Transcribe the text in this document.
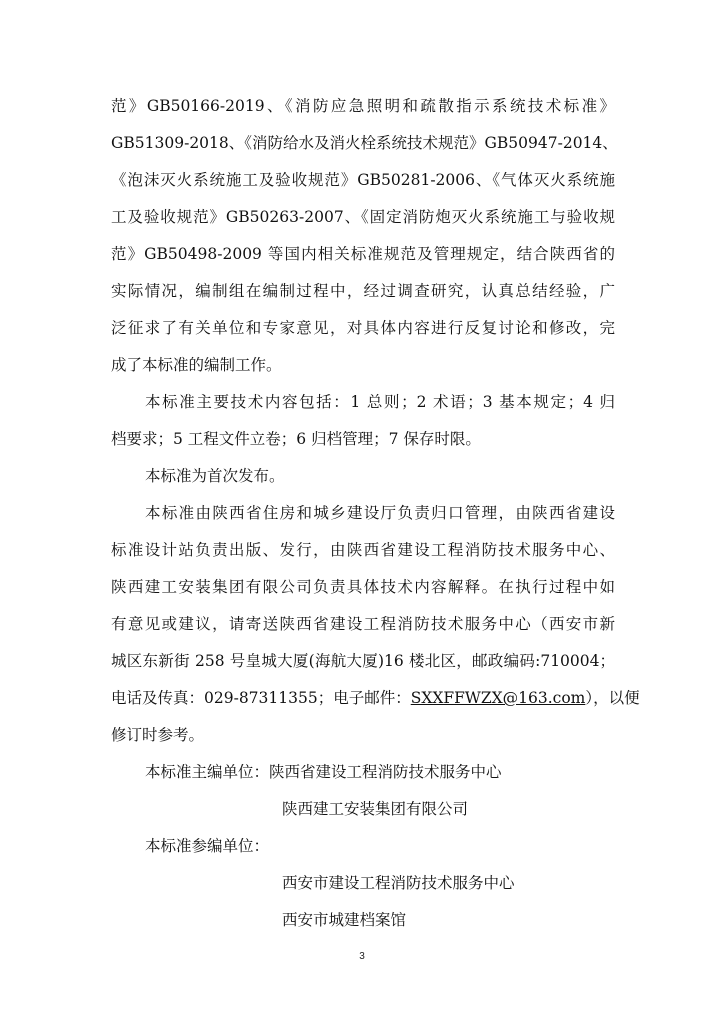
范》GB50166-2019、《消防应急照明和疏散指示系统技术标准》
GB51309-2018、《消防给水及消火栓系统技术规范》GB50947-2014、
《泡沫灭火系统施工及验收规范》GB50281-2006、《气体灭火系统施
工及验收规范》GB50263-2007、《固定消防炮灭火系统施工与验收规
范》GB50498-2009 等国内相关标准规范及管理规定，结合陕西省的
实际情况，编制组在编制过程中，经过调查研究，认真总结经验，广
泛征求了有关单位和专家意见，对具体内容进行反复讨论和修改，完
成了本标准的编制工作。
本标准主要技术内容包括：1 总则；2 术语；3 基本规定；4 归
档要求；5 工程文件立卷；6 归档管理；7 保存时限。
本标准为首次发布。
本标准由陕西省住房和城乡建设厅负责归口管理，由陕西省建设
标准设计站负责出版、发行，由陕西省建设工程消防技术服务中心、
陕西建工安装集团有限公司负责具体技术内容解释。在执行过程中如
有意见或建议，请寄送陕西省建设工程消防技术服务中心（西安市新
城区东新街 258 号皇城大厦(海航大厦)16 楼北区，邮政编码:710004；
电话及传真：029-87311355；电子邮件：SXXFFWZX@163.com），以便
修订时参考。
本标准主编单位：陕西省建设工程消防技术服务中心
陕西建工安装集团有限公司
本标准参编单位：
西安市建设工程消防技术服务中心
西安市城建档案馆
3
